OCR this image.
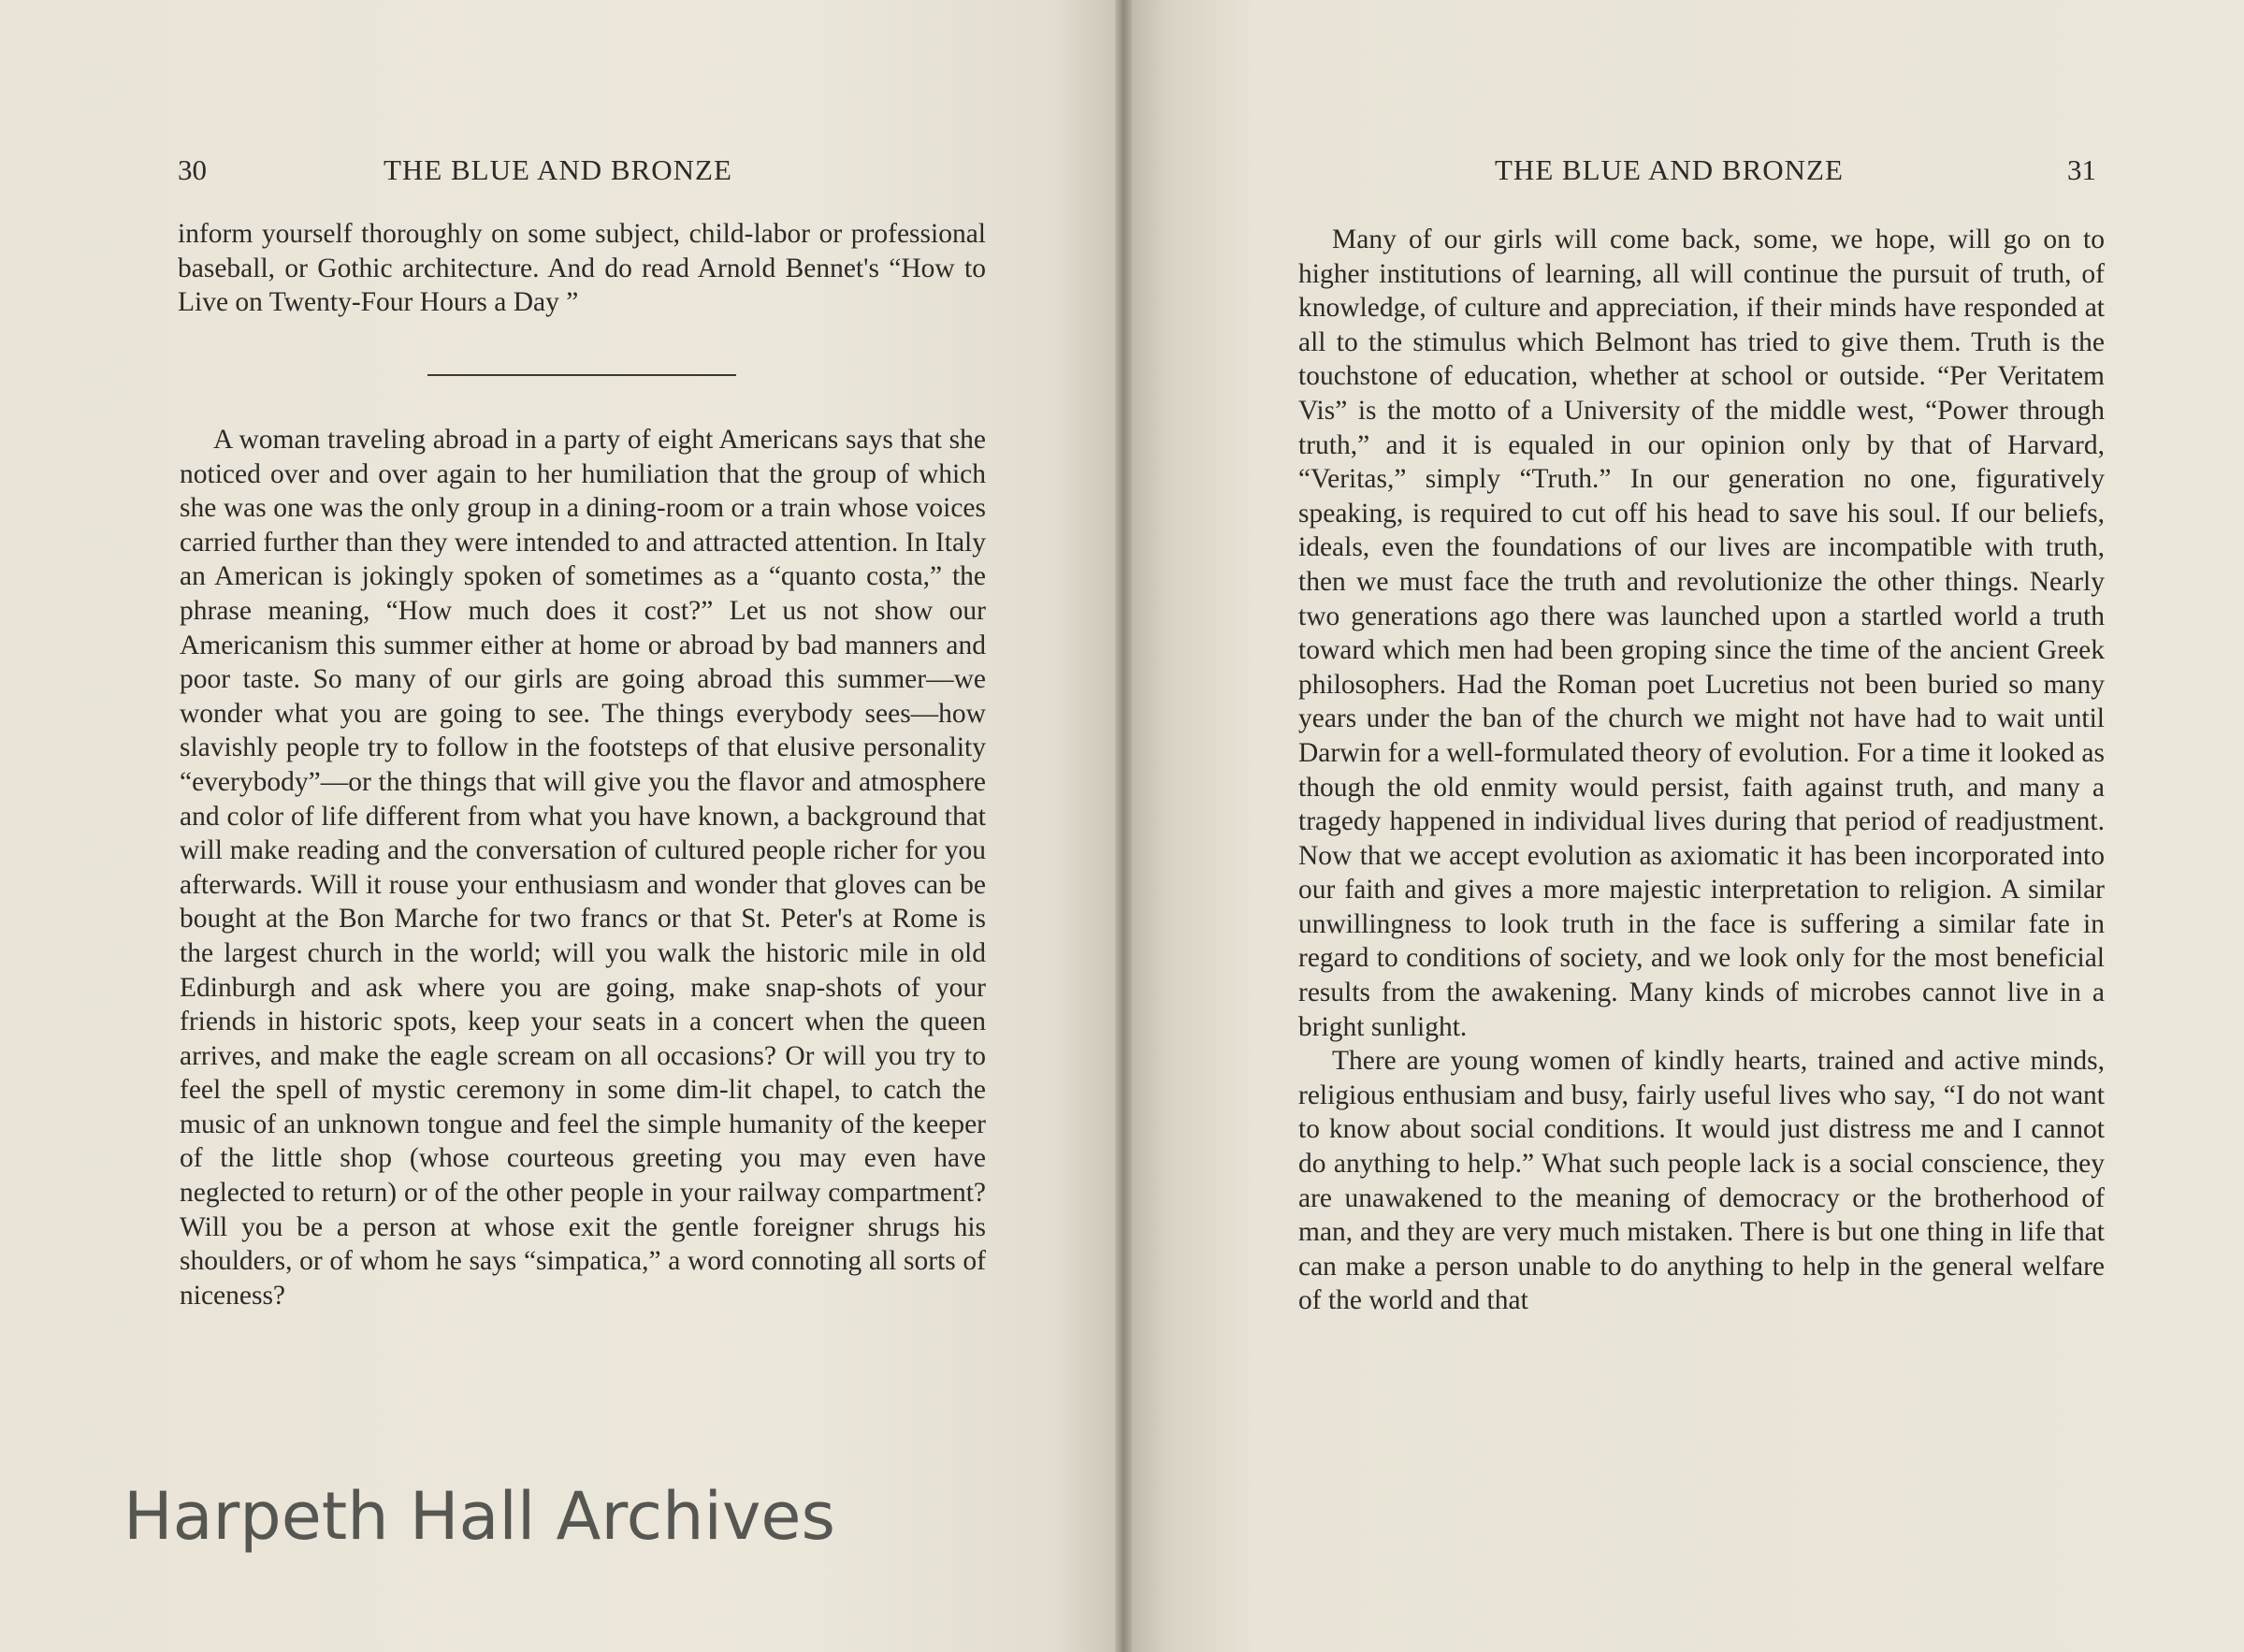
30	THE BLUE AND BRONZE

inform yourself thoroughly on some subject, child-labor or professional baseball, or Gothic architecture. And do read Arnold Bennet's “How to Live on Twenty-Four Hours a Day ”

A woman traveling abroad in a party of eight Americans says that she noticed over and over again to her humiliation that the group of which she was one was the only group in a dining-room or a train whose voices carried further than they were intended to and attracted attention. In Italy an American is jokingly spoken of sometimes as a “quanto costa,” the phrase meaning, “How much does it cost?” Let us not show our Americanism this summer either at home or abroad by bad manners and poor taste. So many of our girls are going abroad this summer—we wonder what you are going to see. The things everybody sees—how slavishly people try to follow in the footsteps of that elusive personality “everybody”—or the things that will give you the flavor and atmosphere and color of life different from what you have known, a background that will make reading and the conversation of cultured people richer for you afterwards. Will it rouse your enthusiasm and wonder that gloves can be bought at the Bon Marche for two francs or that St. Peter's at Rome is the largest church in the world; will you walk the historic mile in old Edinburgh and ask where you are going, make snap-shots of your friends in historic spots, keep your seats in a concert when the queen arrives, and make the eagle scream on all occasions? Or will you try to feel the spell of mystic ceremony in some dim-lit chapel, to catch the music of an unknown tongue and feel the simple humanity of the keeper of the little shop (whose courteous greeting you may even have neglected to return) or of the other people in your railway compartment? Will you be a person at whose exit the gentle foreigner shrugs his shoulders, or of whom he says “simpatica,” a word connoting all sorts of niceness?

Harpeth Hall Archives
THE BLUE AND BRONZE	31

Many of our girls will come back, some, we hope, will go on to higher institutions of learning, all will continue the pursuit of truth, of knowledge, of culture and appreciation, if their minds have responded at all to the stimulus which Belmont has tried to give them. Truth is the touchstone of education, whether at school or outside. “Per Veritatem Vis” is the motto of a University of the middle west, “Power through truth,” and it is equaled in our opinion only by that of Harvard, “Veritas,” simply “Truth.” In our generation no one, figuratively speaking, is required to cut off his head to save his soul. If our beliefs, ideals, even the foundations of our lives are incompatible with truth, then we must face the truth and revolutionize the other things. Nearly two generations ago there was launched upon a startled world a truth toward which men had been groping since the time of the ancient Greek philosophers. Had the Roman poet Lucretius not been buried so many years under the ban of the church we might not have had to wait until Darwin for a well-formulated theory of evolution. For a time it looked as though the old enmity would persist, faith against truth, and many a tragedy happened in individual lives during that period of readjustment. Now that we accept evolution as axiomatic it has been incorporated into our faith and gives a more majestic interpretation to religion. A similar unwillingness to look truth in the face is suffering a similar fate in regard to conditions of society, and we look only for the most beneficial results from the awakening. Many kinds of microbes cannot live in a bright sunlight.

There are young women of kindly hearts, trained and active minds, religious enthusiam and busy, fairly useful lives who say, “I do not want to know about social conditions. It would just distress me and I cannot do anything to help.” What such people lack is a social conscience, they are unawakened to the meaning of democracy or the brotherhood of man, and they are very much mistaken. There is but one thing in life that can make a person unable to do anything to help in the general welfare of the world and that
